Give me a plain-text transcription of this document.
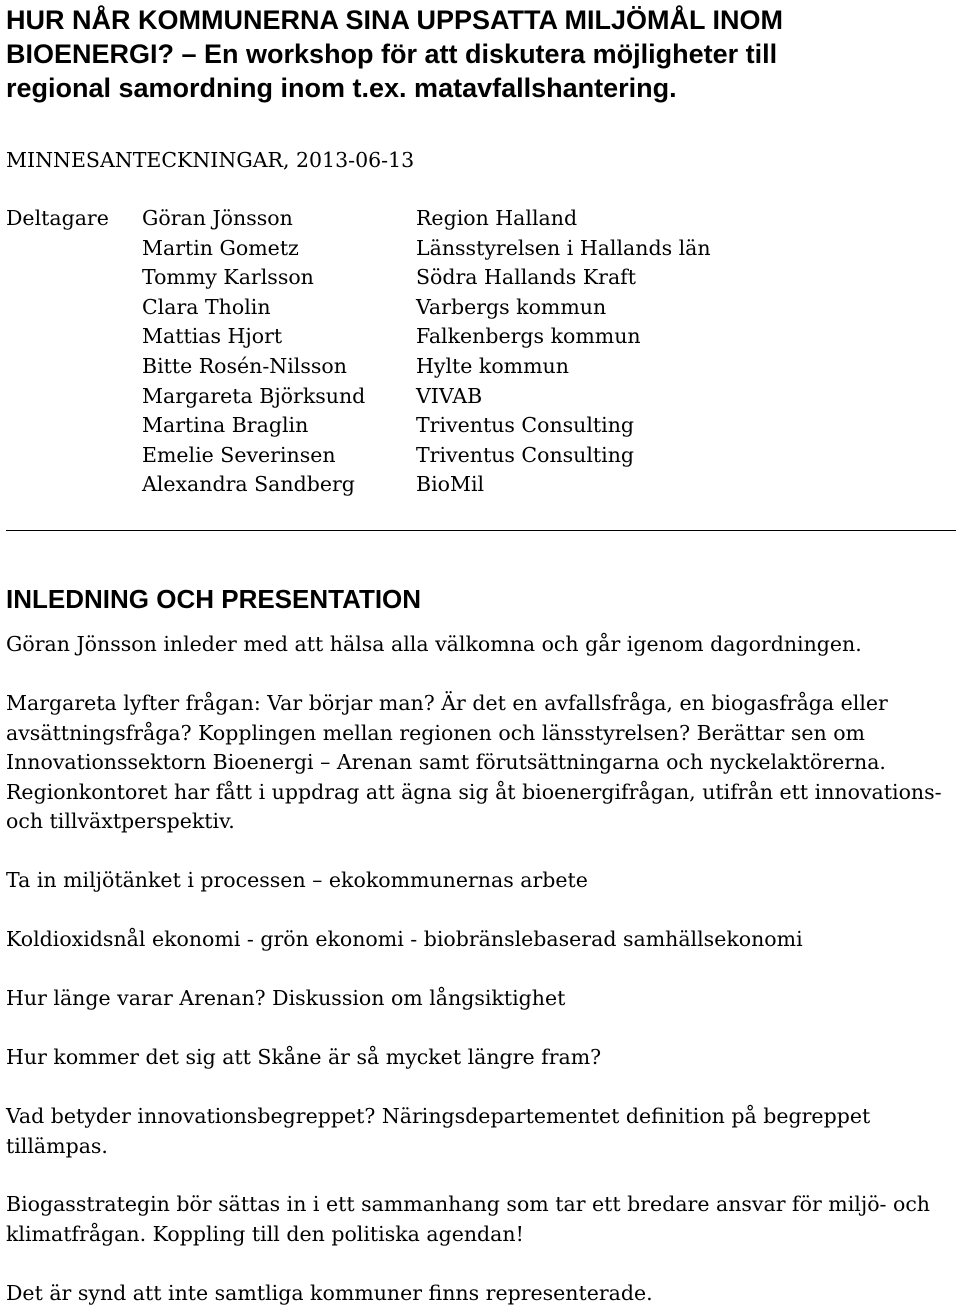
HUR NÅR KOMMUNERNA SINA UPPSATTA MILJÖMÅL INOM
BIOENERGI? – En workshop för att diskutera möjligheter till
regional samordning inom t.ex. matavfallshantering.
MINNESANTECKNINGAR, 2013-06-13
Deltagare Göran Jönsson
Martin Gometz
Tommy Karlsson
Clara Tholin
Mattias Hjort
Bitte Rosén-Nilsson
Margareta Björksund
Martina Braglin
Emelie Severinsen
Alexandra Sandberg
Region Halland
Länsstyrelsen i Hallands län
Södra Hallands Kraft
Varbergs kommun
Falkenbergs kommun
Hylte kommun
VIVAB
Triventus Consulting
Triventus Consulting
BioMil
INLEDNING OCH PRESENTATION
Göran Jönsson inleder med att hälsa alla välkomna och går igenom dagordningen.
Margareta lyfter frågan: Var börjar man? Är det en avfallsfråga, en biogasfråga eller
avsättningsfråga? Kopplingen mellan regionen och länsstyrelsen? Berättar sen om
Innovationssektorn Bioenergi – Arenan samt förutsättningarna och nyckelaktörerna.
Regionkontoret har fått i uppdrag att ägna sig åt bioenergifrågan, utifrån ett innovations-
och tillväxtperspektiv.
Ta in miljötänket i processen – ekokommunernas arbete
Koldioxidsnål ekonomi - grön ekonomi - biobränslebaserad samhällsekonomi
Hur länge varar Arenan? Diskussion om långsiktighet
Hur kommer det sig att Skåne är så mycket längre fram?
Vad betyder innovationsbegreppet? Näringsdepartementet definition på begreppet
tillämpas.
Biogasstrategin bör sättas in i ett sammanhang som tar ett bredare ansvar för miljö- och
klimatfrågan. Koppling till den politiska agendan!
Det är synd att inte samtliga kommuner finns representerade.
